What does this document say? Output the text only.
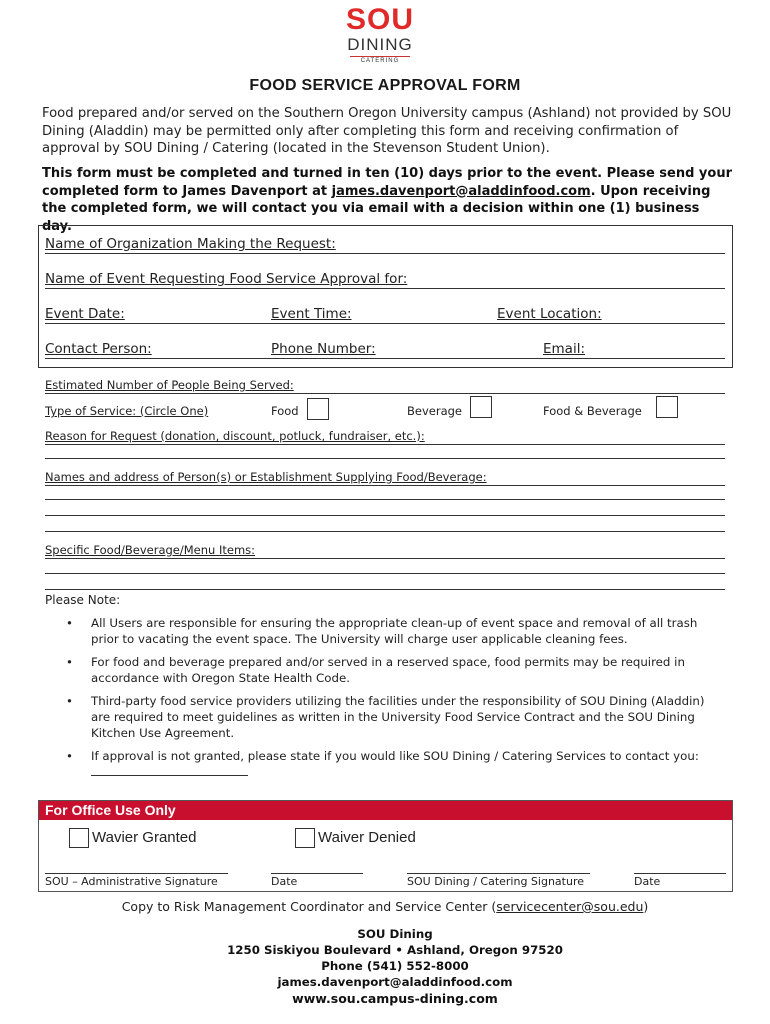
SOU
DINING
CATERING
FOOD SERVICE APPROVAL FORM
Food prepared and/or served on the Southern Oregon University campus (Ashland) not provided by SOU Dining (Aladdin) may be permitted only after completing this form and receiving confirmation of approval by SOU Dining / Catering (located in the Stevenson Student Union).
This form must be completed and turned in ten (10) days prior to the event. Please send your completed form to James Davenport at james.davenport@aladdinfood.com. Upon receiving the completed form, we will contact you via email with a decision within one (1) business day.
Name of Organization Making the Request:
Name of Event Requesting Food Service Approval for:
Event Date:	Event Time:	Event Location:
Contact Person:	Phone Number:	Email:
Estimated Number of People Being Served:
Type of Service: (Circle One)	Food	Beverage	Food & Beverage
Reason for Request (donation, discount, potluck, fundraiser, etc.):
Names and address of Person(s) or Establishment Supplying Food/Beverage:
Specific Food/Beverage/Menu Items:
Please Note:
• All Users are responsible for ensuring the appropriate clean-up of event space and removal of all trash prior to vacating the event space. The University will charge user applicable cleaning fees.
• For food and beverage prepared and/or served in a reserved space, food permits may be required in accordance with Oregon State Health Code.
• Third-party food service providers utilizing the facilities under the responsibility of SOU Dining (Aladdin) are required to meet guidelines as written in the University Food Service Contract and the SOU Dining Kitchen Use Agreement.
• If approval is not granted, please state if you would like SOU Dining / Catering Services to contact you:

For Office Use Only
Wavier Granted	Waiver Denied
SOU – Administrative Signature	Date	SOU Dining / Catering Signature	Date
Copy to Risk Management Coordinator and Service Center (servicecenter@sou.edu)
SOU Dining
1250 Siskiyou Boulevard • Ashland, Oregon 97520
Phone (541) 552-8000
james.davenport@aladdinfood.com
www.sou.campus-dining.com
